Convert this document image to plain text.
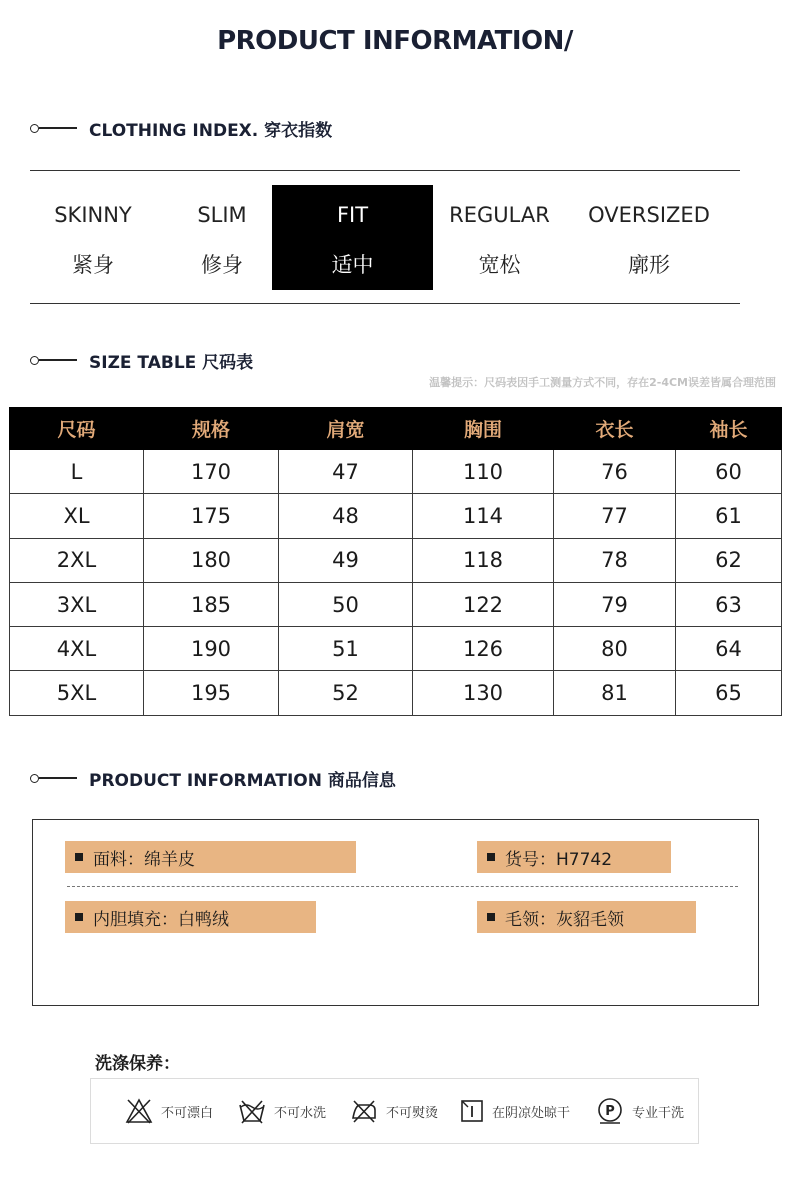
PRODUCT INFORMATION/
CLOTHING INDEX. 穿衣指数
SKINNY
紧身
SLIM
修身
FIT
适中
REGULAR
宽松
OVERSIZED
廓形
SIZE TABLE 尺码表
温馨提示：尺码表因手工测量方式不同，存在2-4CM误差皆属合理范围
尺码	规格	肩宽	胸围	衣长	袖长
L	170	47	110	76	60
XL	175	48	114	77	61
2XL	180	49	118	78	62
3XL	185	50	122	79	63
4XL	190	51	126	80	64
5XL	195	52	130	81	65
PRODUCT INFORMATION 商品信息
面料：绵羊皮	货号：H7742
内胆填充：白鸭绒	毛领：灰貂毛领
洗涤保养：
不可漂白	不可水洗	不可熨烫	在阴凉处晾干	P 专业干洗
